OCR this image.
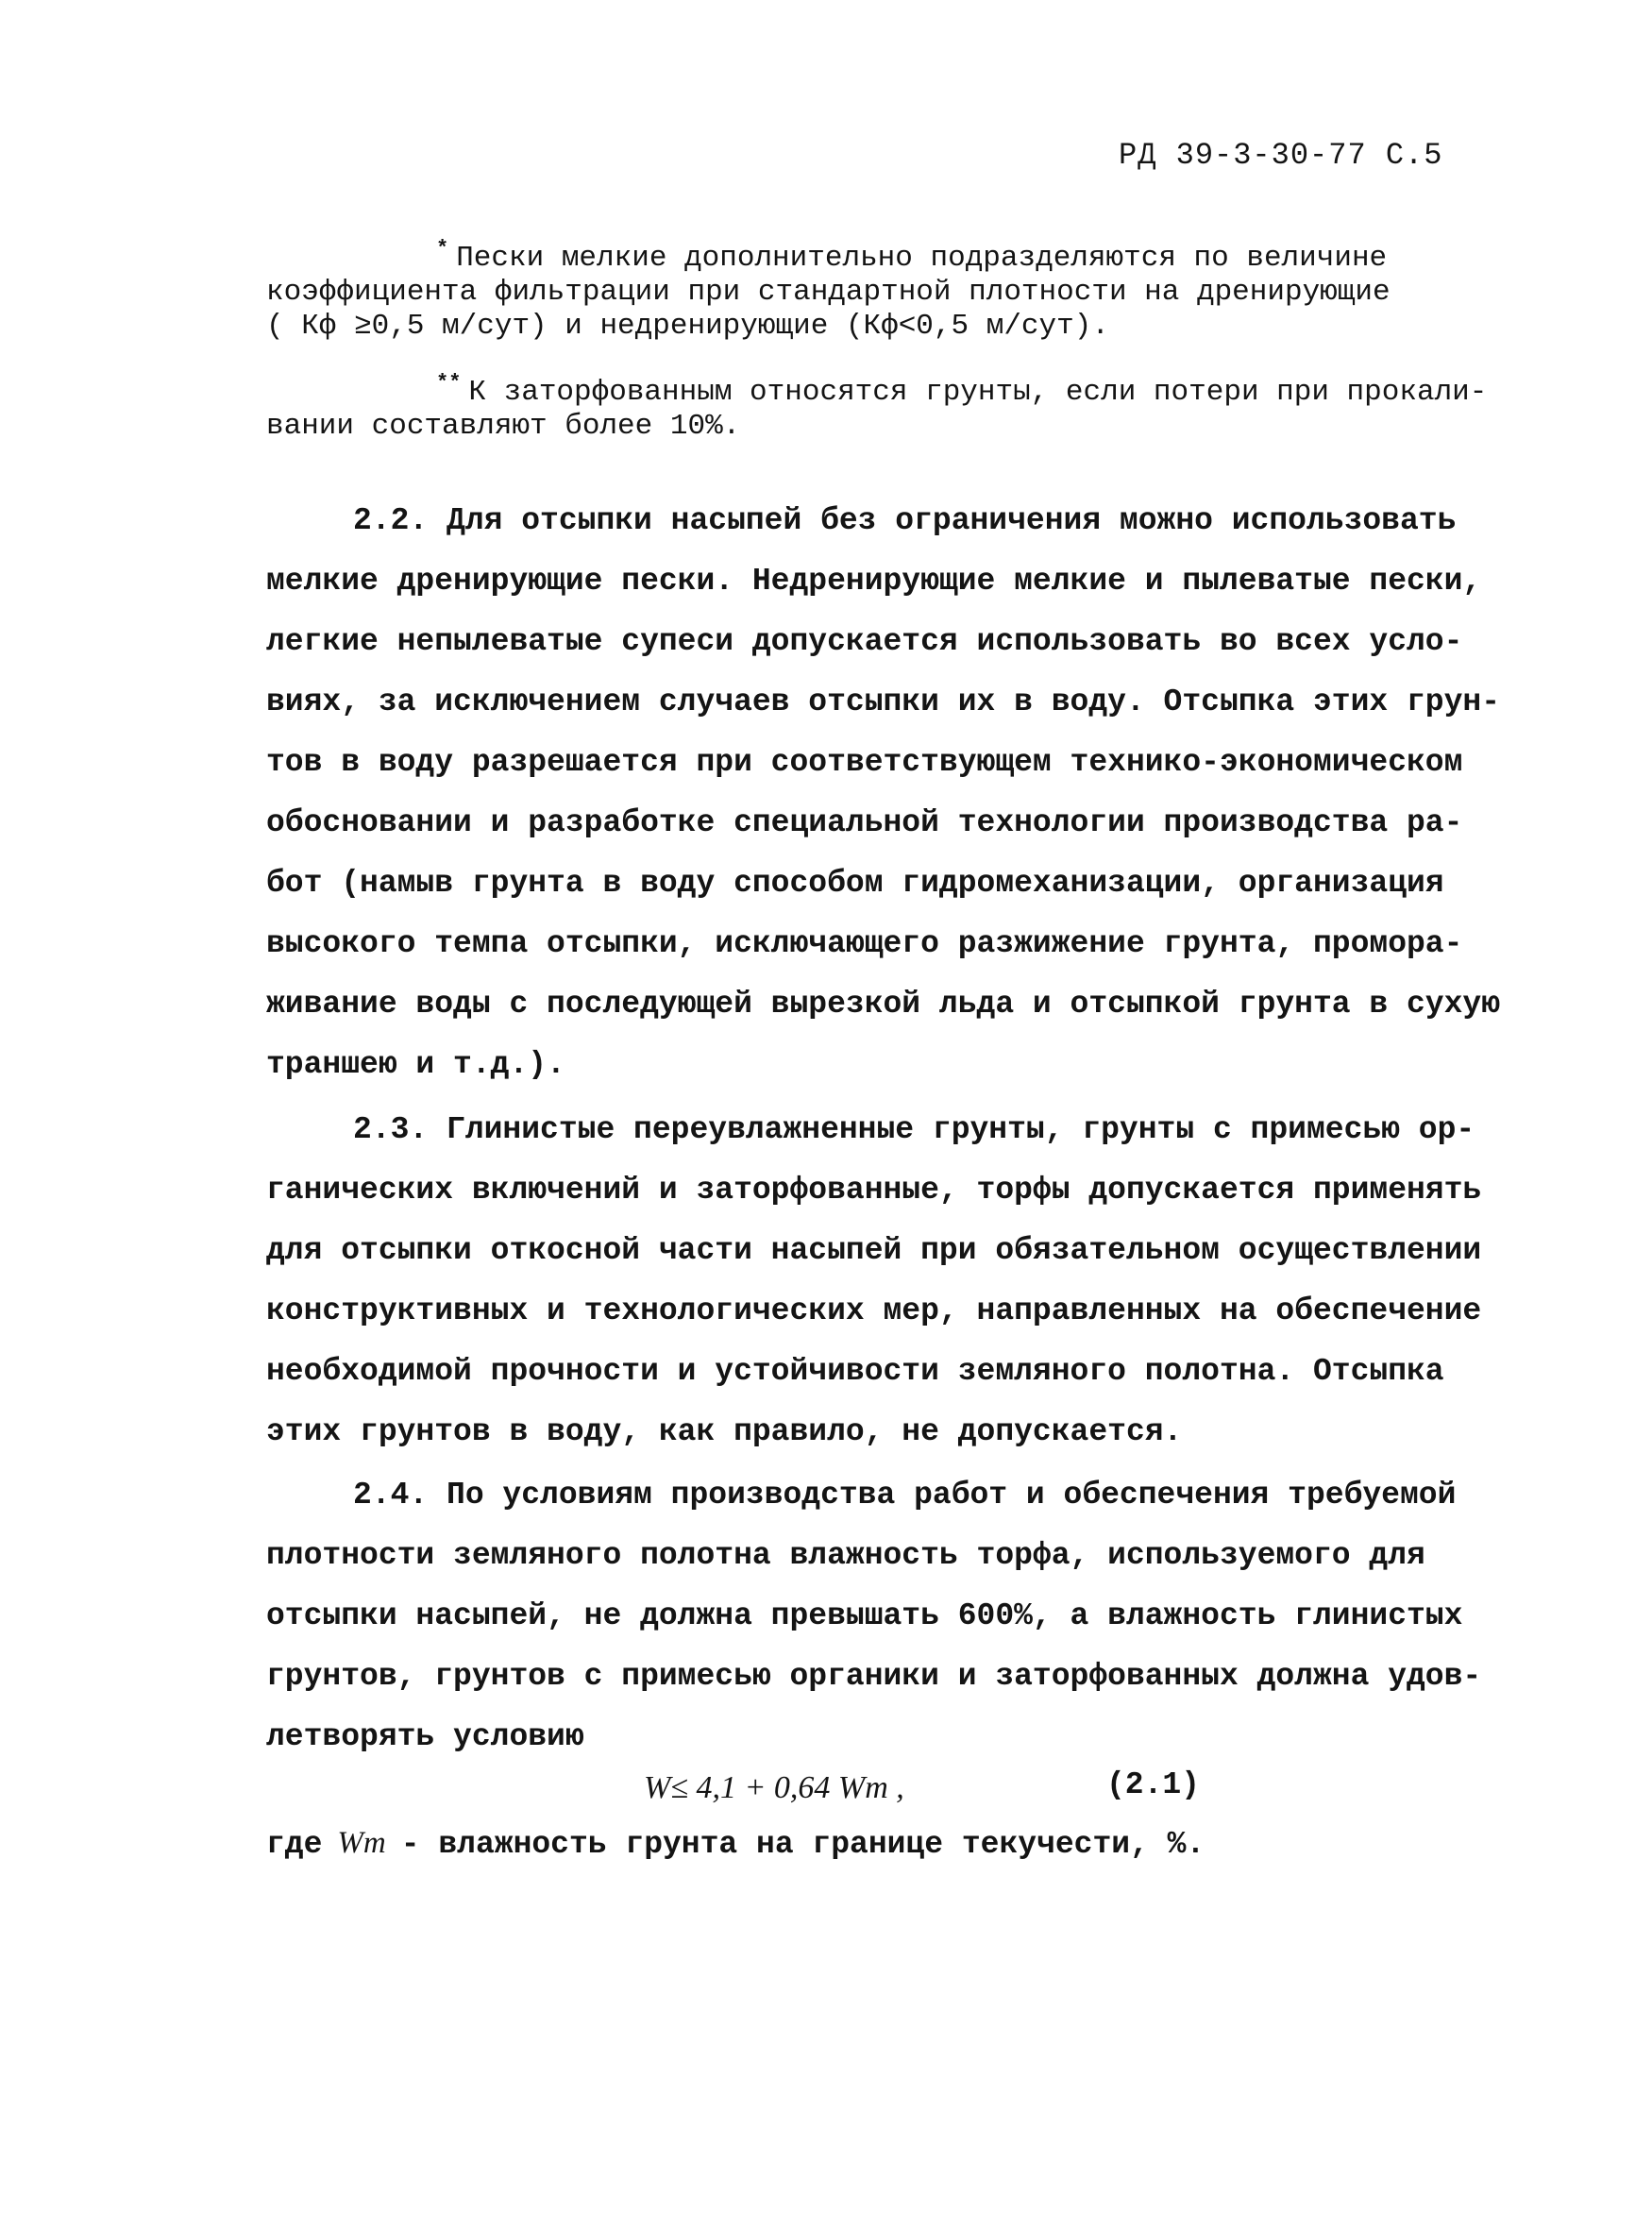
РД 39-3-30-77 С.5
* Пески мелкие дополнительно подразделяются по величине
коэффициента фильтрации при стандартной плотности на дренирующие
( Кф ≥0,5 м/сут) и недренирующие (Кф<0,5 м/сут).
** К заторфованным относятся грунты, если потери при прокали-
вании составляют более 10%.
2.2. Для отсыпки насыпей без ограничения можно использовать
мелкие дренирующие пески. Недренирующие мелкие и пылеватые пески,
легкие непылеватые супеси допускается использовать во всех усло-
виях, за исключением случаев отсыпки их в воду. Отсыпка этих грун-
тов в воду разрешается при соответствующем технико-экономическом
обосновании и разработке специальной технологии производства ра-
бот (намыв грунта в воду способом гидромеханизации, организация
высокого темпа отсыпки, исключающего разжижение грунта, проморa-
живание воды с последующей вырезкой льда и отсыпкой грунта в сухую
траншею и т.д.).
2.3. Глинистые переувлажненные грунты, грунты с примесью ор-
ганических включений и заторфованные, торфы допускается применять
для отсыпки откосной части насыпей при обязательном осуществлении
конструктивных и технологических мер, направленных на обеспечение
необходимой прочности и устойчивости земляного полотна. Отсыпка
этих грунтов в воду, как правило, не допускается.
2.4. По условиям производства работ и обеспечения требуемой
плотности земляного полотна влажность торфа, используемого для
отсыпки насыпей, не должна превышать 600%, а влажность глинистых
грунтов, грунтов с примесью органики и заторфованных должна удов-
летворять условию
W≤ 4,1 + 0,64 Wт ,	(2.1)
где Wт - влажность грунта на границе текучести, %.
